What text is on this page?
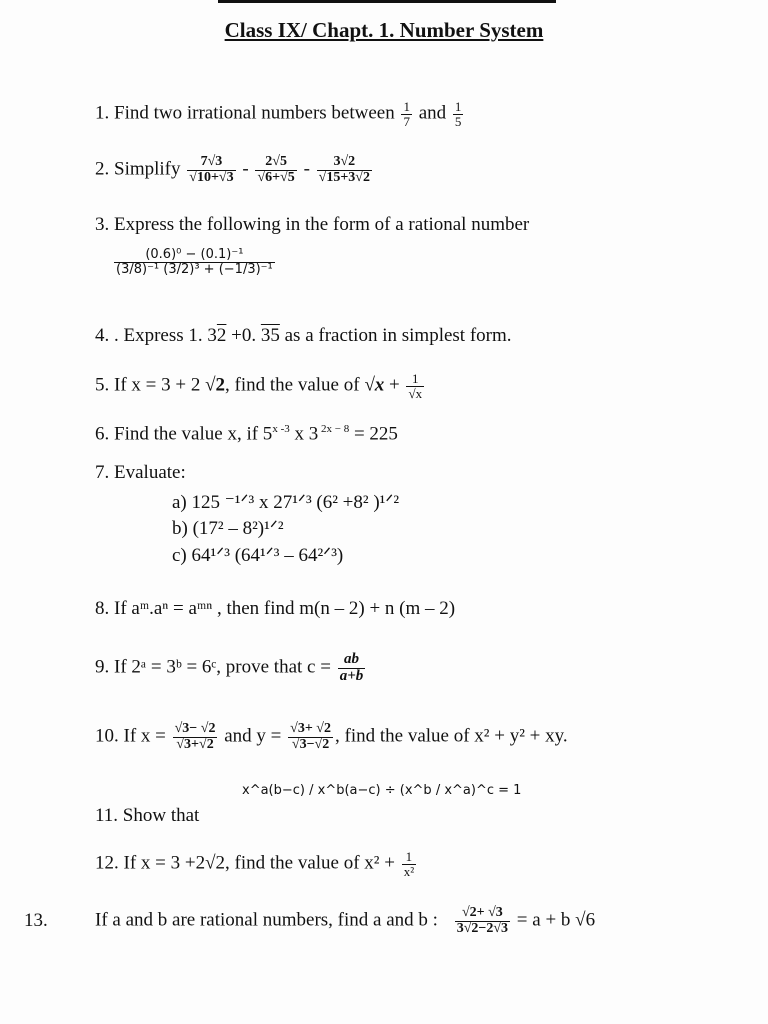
Class IX/ Chapt. 1. Number System
1. Find two irrational numbers between $\frac{1}{7}$ and $\frac{1}{5}$
2. Simplify $\frac{7√3}{√10+√3} - \frac{2√5}{√6+√5} - \frac{3√2}{√15+3√2}$
3. Express the following in the form of a rational number
$\frac{\text{(0.6)⁰ − (0.1)⁻¹}}{\text{(3/8)⁻¹ (3/2)³ + (−1/3)⁻¹}}$
4. . Express 1. 32 +0. 35 as a fraction in simplest form.
5. If x = 3 + 2 √2, find the value of $√x + \frac{1}{√x}$
6. Find the value x, if 5$^{x -3}$ x 3 $^{2x - 8}$ = 225
7. Evaluate:
a) 125 ⁻¹ᐟ³ x 27¹ᐟ³ (6² +8² )¹ᐟ²
b) (17² – 8²)¹ᐟ²
c) 64¹ᐟ³ (64¹ᐟ³ – 64²ᐟ³)
8. If aᵐ.aⁿ = aᵐⁿ , then find m(n – 2) + n (m – 2)
9. If 2ᵃ = 3ᵇ = 6ᶜ, prove that $c = \frac{ab}{a+b}$
10. If $x = \frac{√3- √2}{√3+√2}$ and $y = \frac{√3+ √2}{√3-√2}$ , find the value of x² + y² + xy.
11. Show that
x^a(b−c) / x^b(a−c) ÷ (x^b / x^a)^c = 1
12. If x = 3 +2√2, find the value of $x^2 + \frac{1}{\text{x²}}$
13. If a and b are rational numbers, find a and b : $\frac{√2+ √3}{3√2-2√3} = a + b$ √6
